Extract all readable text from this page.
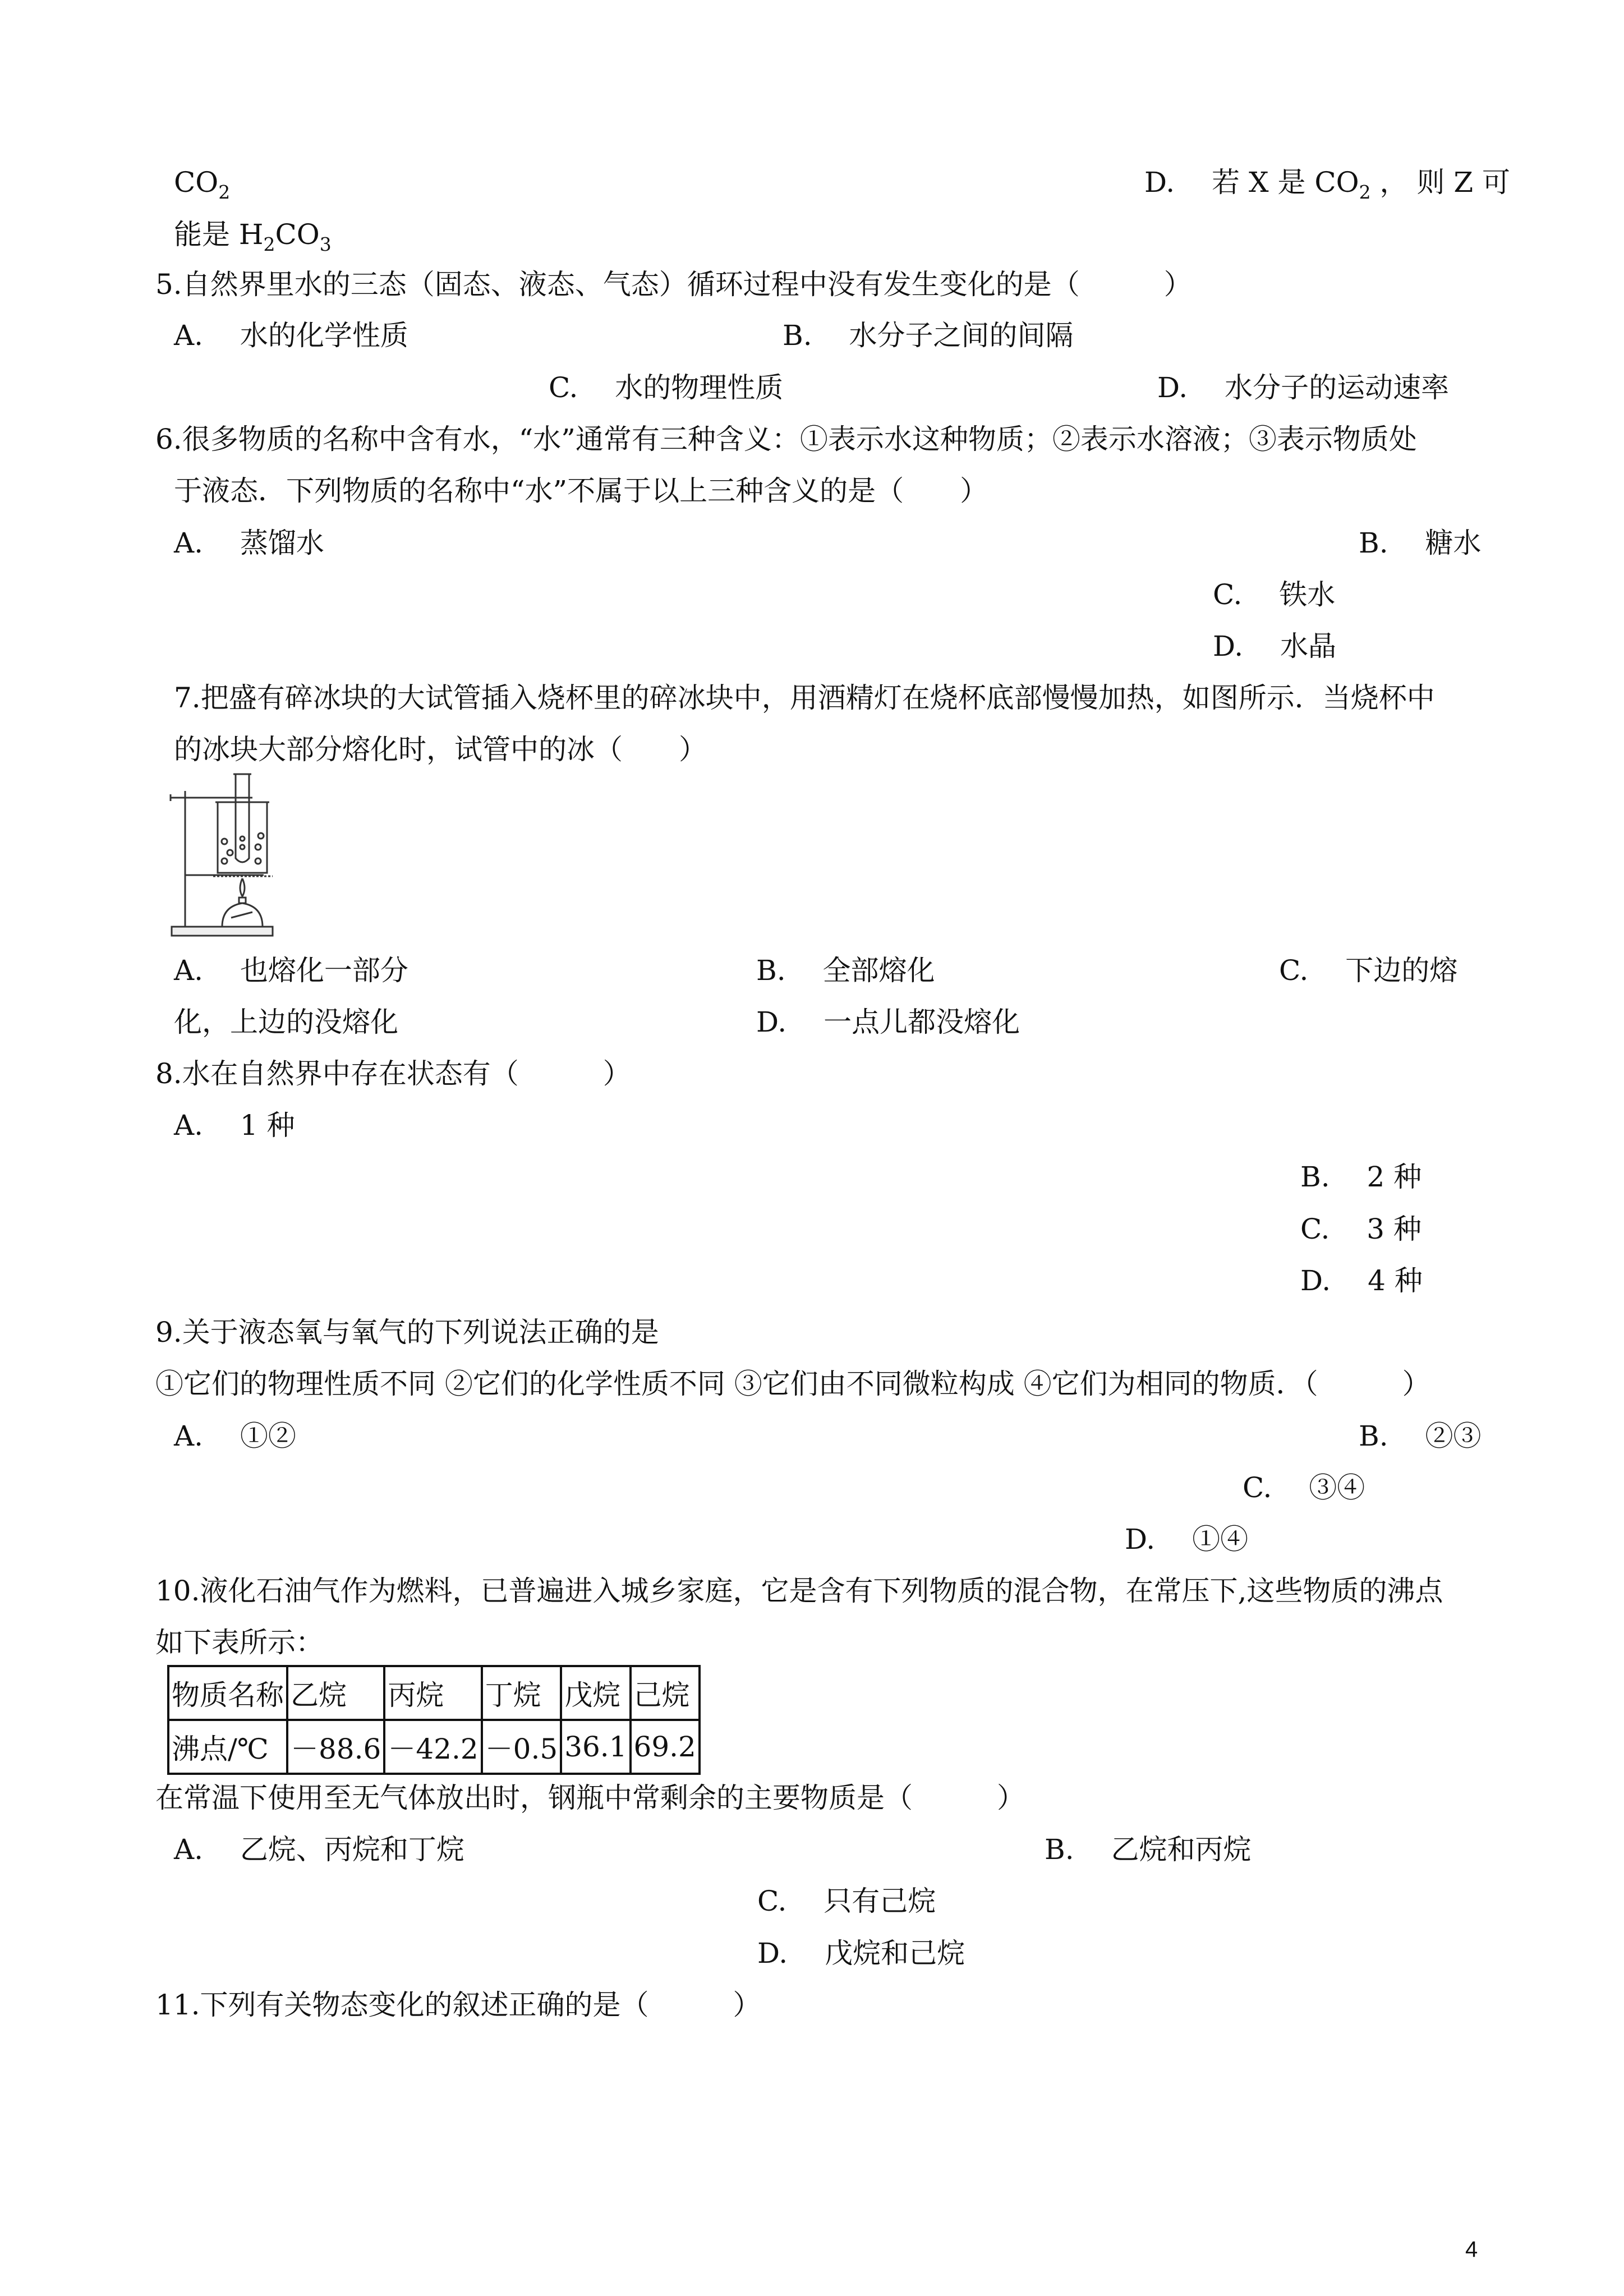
$CO_2$	D.　 若 X 是 $CO_2$ ， 则 Z 可
能是 $H_2CO_3$
5.自然界里水的三态（固态、液态、气态）循环过程中没有发生变化的是（　　　）
A.　 水的化学性质	B.　 水分子之间的间隔
C.　 水的物理性质	D.　 水分子的运动速率
6.很多物质的名称中含有水，“水”通常有三种含义：①表示水这种物质；②表示水溶液；③表示物质处
于液态．下列物质的名称中“水”不属于以上三种含义的是（　　）
A.　 蒸馏水	B.　 糖水
C.　 铁水
D.　 水晶
7.把盛有碎冰块的大试管插入烧杯里的碎冰块中，用酒精灯在烧杯底部慢慢加热，如图所示．当烧杯中
的冰块大部分熔化时，试管中的冰（　　）
A.　 也熔化一部分	B.　 全部熔化	C.　 下边的熔
化，上边的没熔化	D.　 一点儿都没熔化
8.水在自然界中存在状态有（　　　）
A.　 1 种
B.　 2 种
C.　 3 种
D.　 4 种
9.关于液态氧与氧气的下列说法正确的是
①它们的物理性质不同 ②它们的化学性质不同 ③它们由不同微粒构成 ④它们为相同的物质．（　　　）
A.　 ①②	B.　 ②③
C.　 ③④
D.　 ①④
10.液化石油气作为燃料，已普遍进入城乡家庭，它是含有下列物质的混合物，在常压下,这些物质的沸点
如下表所示：
物质名称	乙烷	丙烷	丁烷	戊烷	己烷
沸点/℃	－88.6	－42.2	－0.5	36.1	69.2
在常温下使用至无气体放出时，钢瓶中常剩余的主要物质是（　　　）
A.　 乙烷、丙烷和丁烷	B.　 乙烷和丙烷
C.　 只有己烷
D.　 戊烷和己烷
11.下列有关物态变化的叙述正确的是（　　　）
4
